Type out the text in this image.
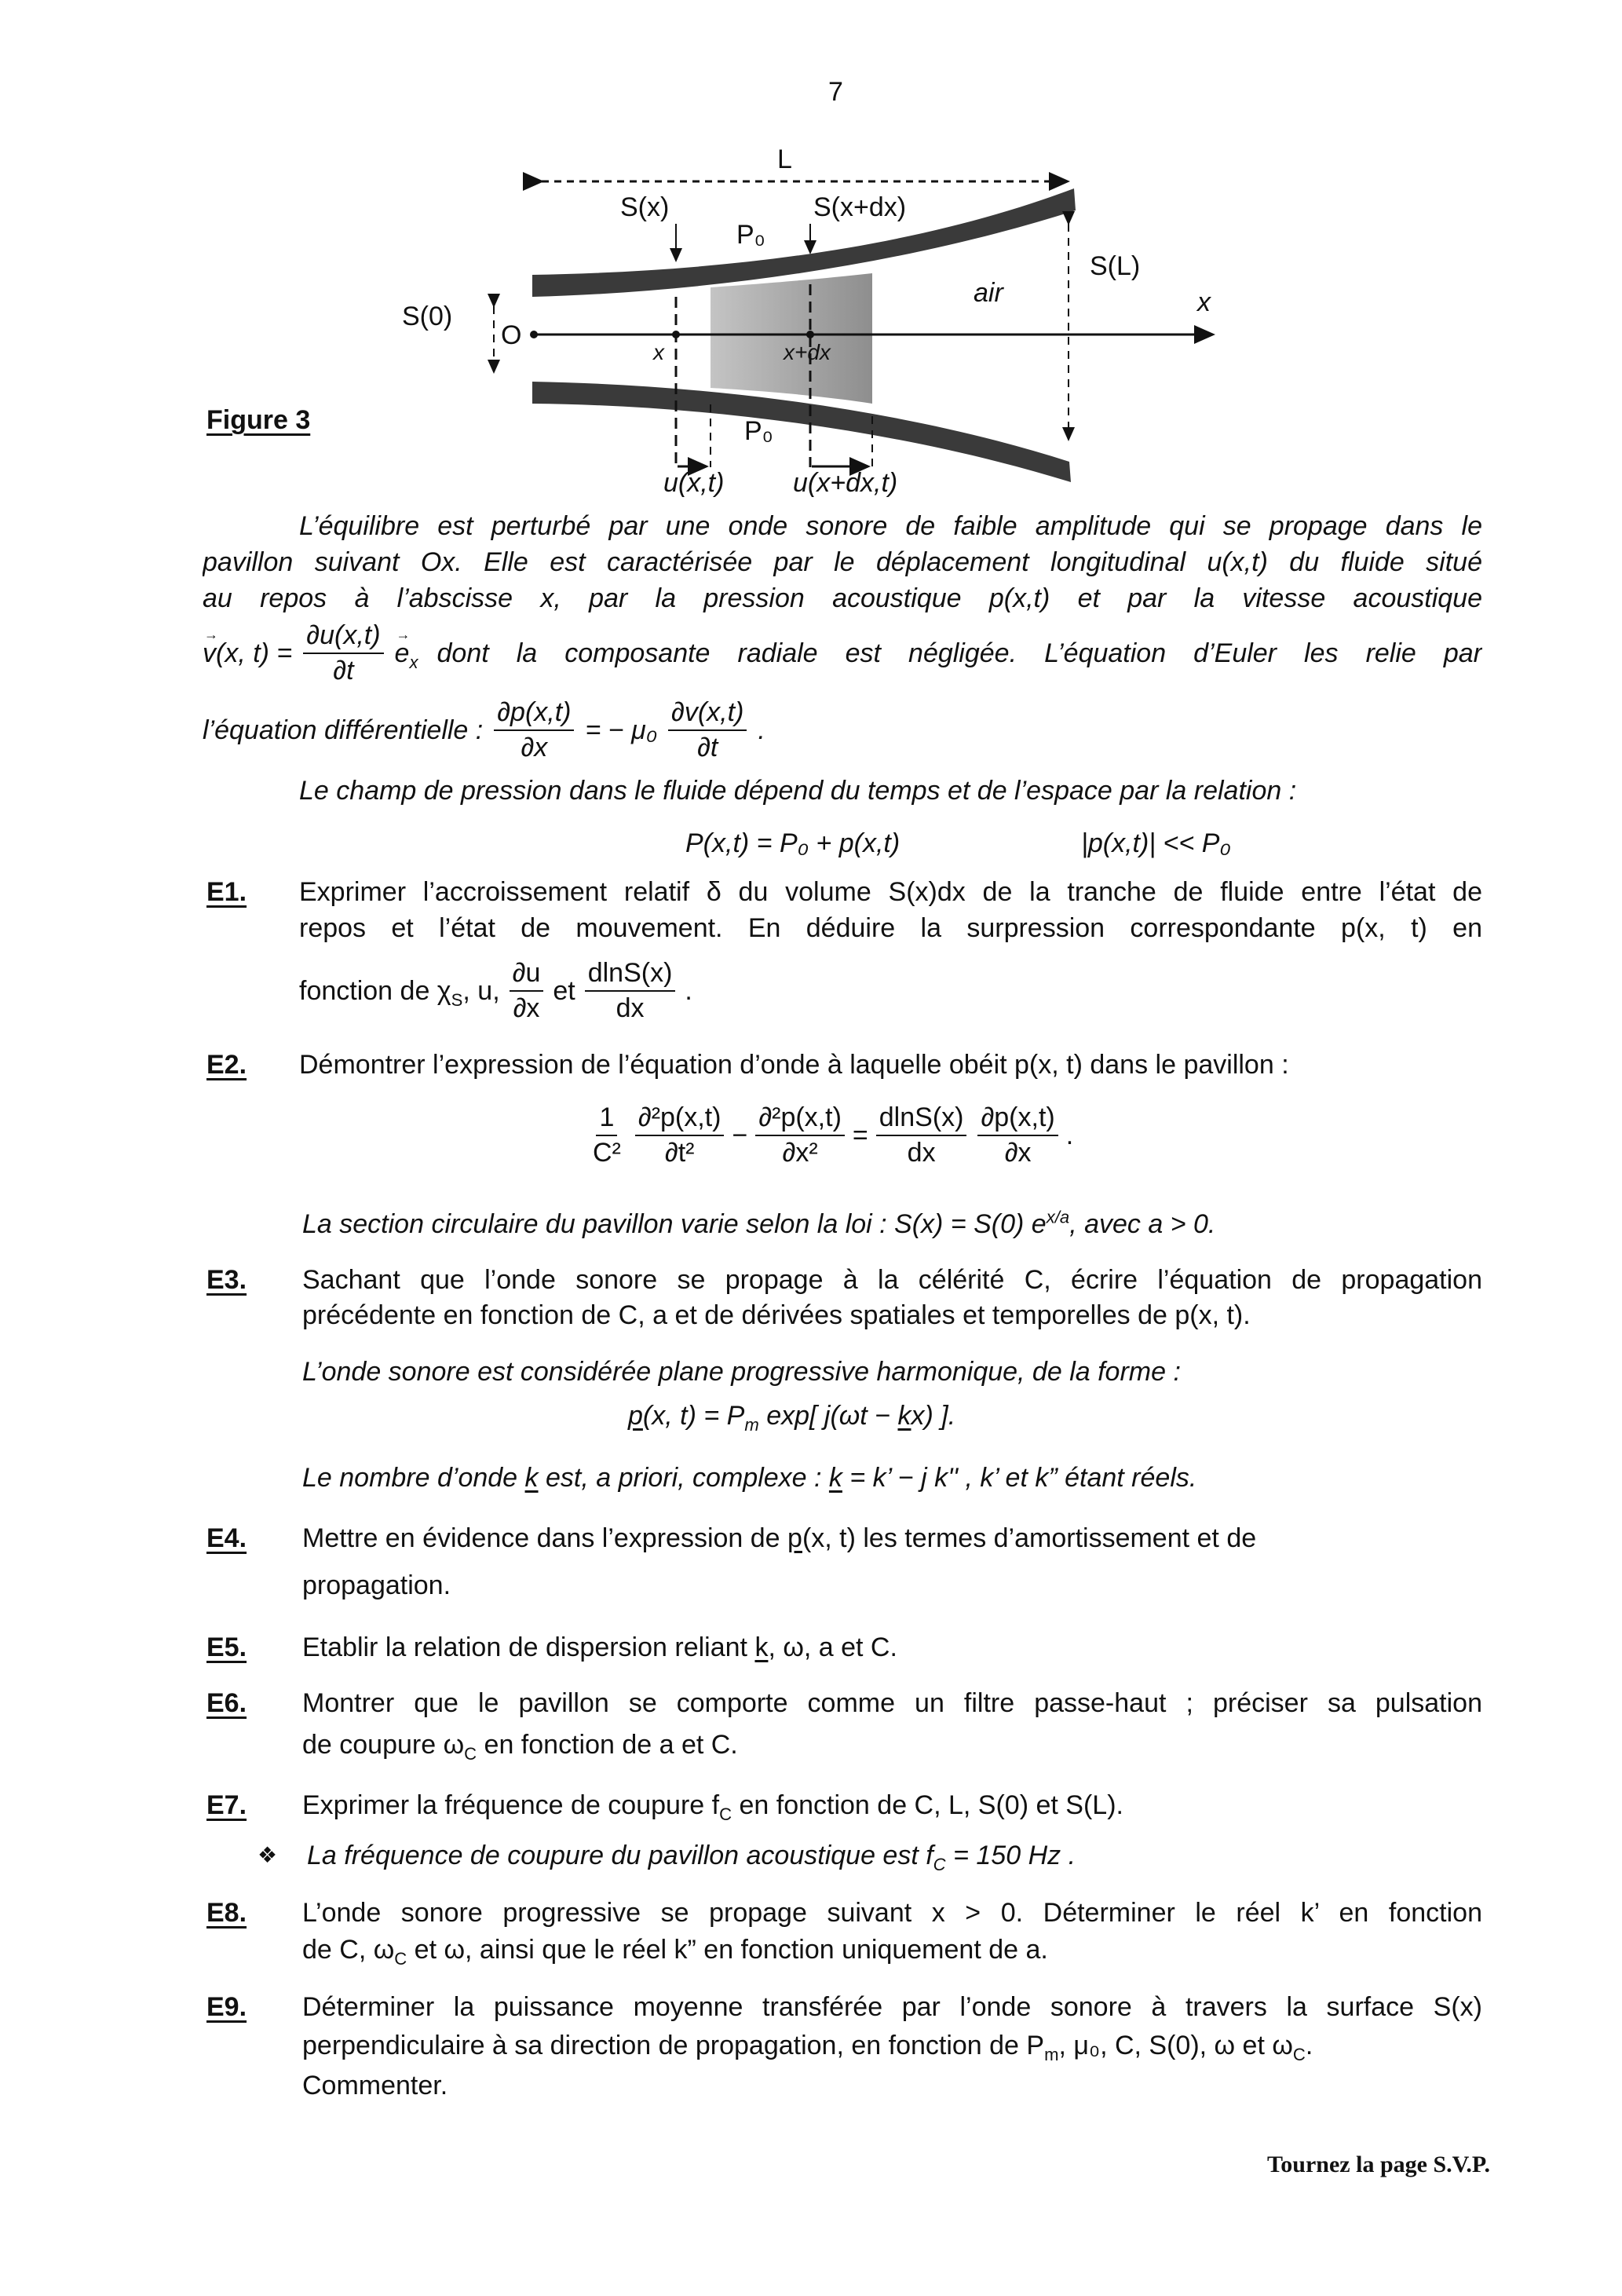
7
L
S(x)	S(x+dx)
P₀
P₀
air
S(L)
S(0)
O
x
x	x+dx
u(x,t)	u(x+dx,t)
Figure 3
L’équilibre est perturbé par une onde sonore de faible amplitude qui se propage dans le
pavillon suivant Ox. Elle est caractérisée par le déplacement longitudinal u(x,t) du fluide situé
au repos à l’abscisse x, par la pression acoustique p(x,t) et par la vitesse acoustique
→ v(x, $t) = \frac{\partial u(x,t)}{\partial t} \to e_x$ dont la composante radiale est négligée. L’équation d’Euler les relie par
l’équation différentielle : $\frac{\partial p(x,t)}{\partial x}$ = − $\mu_0 \frac{\partial v(x,t)}{\partial t}$ .
Le champ de pression dans le fluide dépend du temps et de l’espace par la relation :
P(x,t) = P₀ + p(x,t)	|p(x,t)| << P₀
E1. Exprimer l’accroissement relatif δ du volume S(x)dx de la tranche de fluide entre l’état de
repos et l’état de mouvement. En déduire la surpression correspondante p(x, t) en
fonction de $\chi_S$, u, $\frac{\partial u}{\partial x}$ et $\frac{dlnS(x)}{dx}$ .
E2. Démontrer l’expression de l’équation d’onde à laquelle obéit p(x, t) dans le pavillon :
$\frac{1}{\text{C²}} \frac{\text{∂²p(x,t)}}{\text{∂t²}} - \frac{\text{∂²p(x,t)}}{\text{∂x²}} = \frac{dlnS(x)}{dx} \frac{\partial p(x,t)}{\partial x}$ .
La section circulaire du pavillon varie selon la loi : S(x) = S(0) $e^{x/a}$, avec a > 0.
E3. Sachant que l’onde sonore se propage à la célérité C, écrire l’équation de propagation
précédente en fonction de C, a et de dérivées spatiales et temporelles de p(x, t).
L’onde sonore est considérée plane progressive harmonique, de la forme :
p(x, $t) = P_m$ exp[ j(ωt − kx) ].
Le nombre d’onde k est, a priori, complexe : k = k’ − j k'' , k’ et k” étant réels.
E4. Mettre en évidence dans l’expression de p(x, t) les termes d’amortissement et de
propagation.
E5. Etablir la relation de dispersion reliant k, ω, a et C.
E6. Montrer que le pavillon se comporte comme un filtre passe-haut ; préciser sa pulsation
de coupure $\omega_C$ en fonction de a et C.
E7. Exprimer la fréquence de coupure $f_C$ en fonction de C, L, S(0) et S(L).
❖ La fréquence de coupure du pavillon acoustique est $f_C = 150$ Hz .
E8. L’onde sonore progressive se propage suivant x > 0. Déterminer le réel k’ en fonction
de C, $\omega_C$ et ω, ainsi que le réel k” en fonction uniquement de a.
E9. Déterminer la puissance moyenne transférée par l’onde sonore à travers la surface S(x)
perpendiculaire à sa direction de propagation, en fonction de $P_m$, μ₀, C, S(0), ω et $\omega_C$.
Commenter.
Tournez la page S.V.P.
